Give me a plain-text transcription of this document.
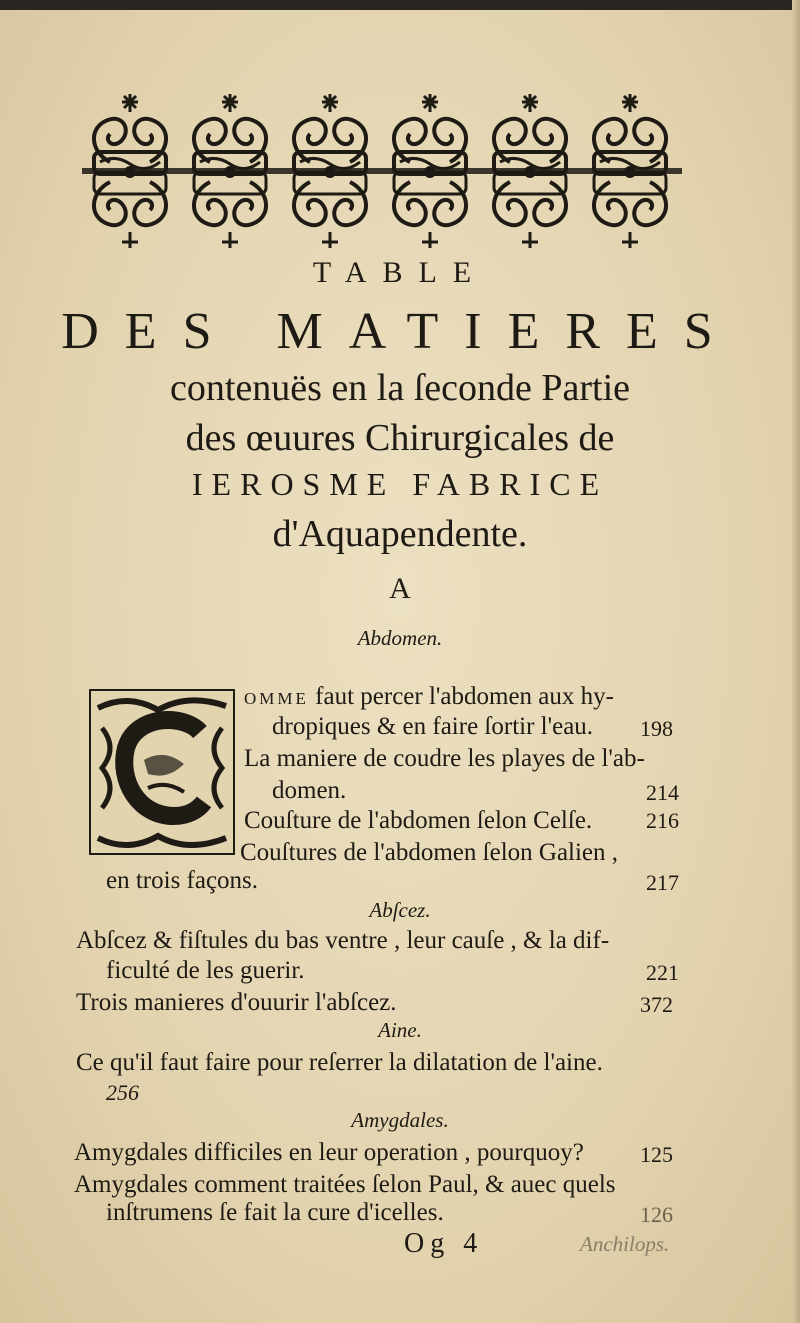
TABLE
DES MATIERES
contenuës en la ſeconde Partie
des œuures Chirurgicales de
IEROSME FABRICE
d'Aquapendente.
A
Abdomen.
OMME faut percer l'abdomen aux hy-
dropiques & en faire ſortir l'eau. 198
La maniere de coudre les playes de l'ab-
domen.	214
Couſture de l'abdomen ſelon Celſe. 216
Couſtures de l'abdomen ſelon Galien ,
en trois façons.	217
Abſcez.
Abſcez & fiſtules du bas ventre , leur cauſe , & la dif-
ficulté de les guerir.	221
Trois manieres d'ouurir l'abſcez.	372
Aine.
Ce qu'il faut faire pour reſerrer la dilatation de l'aine.
256
Amygdales.
Amygdales difficiles en leur operation , pourquoy?	125
Amygdales comment traitées ſelon Paul, & auec quels
inſtrumens ſe fait la cure d'icelles.	126
Og 4	Anchilops.
